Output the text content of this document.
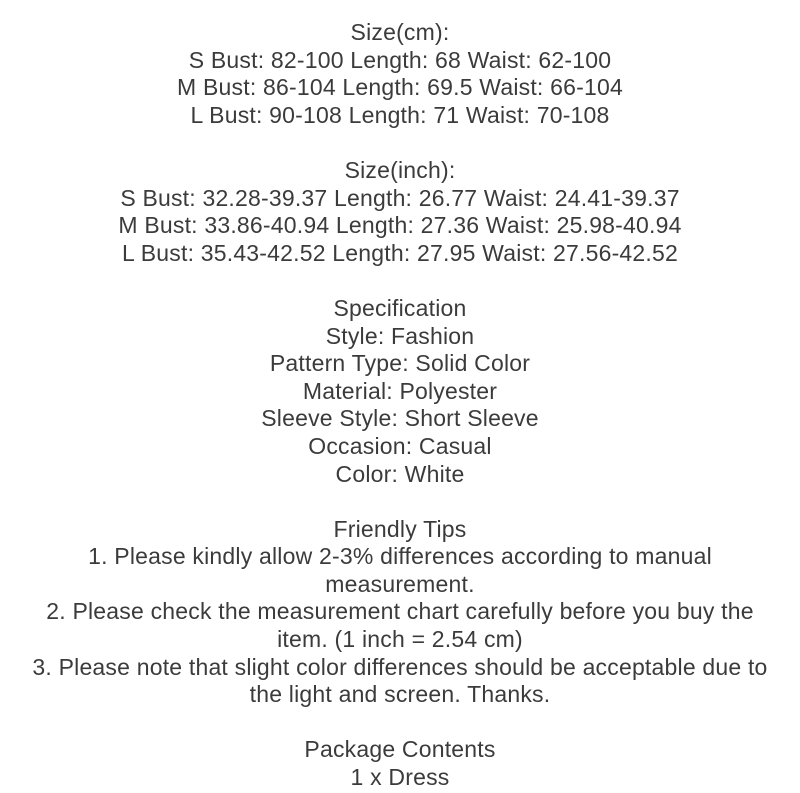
Size(cm):
S Bust: 82-100 Length: 68 Waist: 62-100
M Bust: 86-104 Length: 69.5 Waist: 66-104
L Bust: 90-108 Length: 71 Waist: 70-108
Size(inch):
S Bust: 32.28-39.37 Length: 26.77 Waist: 24.41-39.37
M Bust: 33.86-40.94 Length: 27.36 Waist: 25.98-40.94
L Bust: 35.43-42.52 Length: 27.95 Waist: 27.56-42.52
Specification
Style: Fashion
Pattern Type: Solid Color
Material: Polyester
Sleeve Style: Short Sleeve
Occasion: Casual
Color: White
Friendly Tips
1. Please kindly allow 2-3% differences according to manual
measurement.
2. Please check the measurement chart carefully before you buy the
item. (1 inch = 2.54 cm)
3. Please note that slight color differences should be acceptable due to
the light and screen. Thanks.
Package Contents
1 x Dress
